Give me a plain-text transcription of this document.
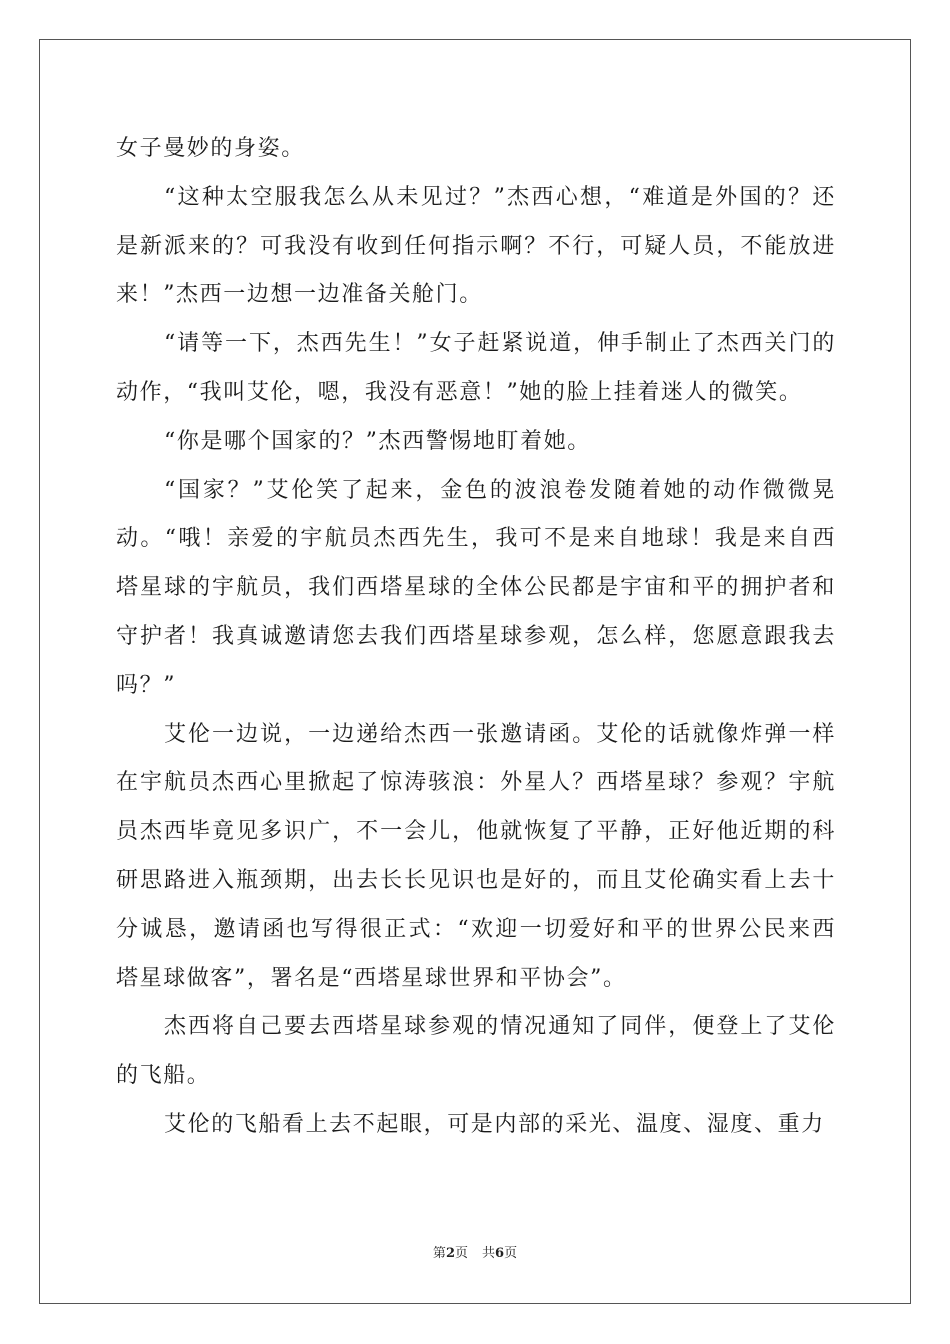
女子曼妙的身姿。

“这种太空服我怎么从未见过？”杰西心想，“难道是外国的？还是新派来的？可我没有收到任何指示啊？不行，可疑人员，不能放进来！”杰西一边想一边准备关舱门。

“请等一下，杰西先生！”女子赶紧说道，伸手制止了杰西关门的动作，“我叫艾伦，嗯，我没有恶意！”她的脸上挂着迷人的微笑。

“你是哪个国家的？”杰西警惕地盯着她。

“国家？”艾伦笑了起来，金色的波浪卷发随着她的动作微微晃动。“哦！亲爱的宇航员杰西先生，我可不是来自地球！我是来自西塔星球的宇航员，我们西塔星球的全体公民都是宇宙和平的拥护者和守护者！我真诚邀请您去我们西塔星球参观，怎么样，您愿意跟我去吗？”

艾伦一边说，一边递给杰西一张邀请函。艾伦的话就像炸弹一样在宇航员杰西心里掀起了惊涛骇浪：外星人？西塔星球？参观？宇航员杰西毕竟见多识广，不一会儿，他就恢复了平静，正好他近期的科研思路进入瓶颈期，出去长长见识也是好的，而且艾伦确实看上去十分诚恳，邀请函也写得很正式：“欢迎一切爱好和平的世界公民来西塔星球做客”，署名是“西塔星球世界和平协会”。

杰西将自己要去西塔星球参观的情况通知了同伴，便登上了艾伦的飞船。

艾伦的飞船看上去不起眼，可是内部的采光、温度、湿度、重力

第2页 共6页
